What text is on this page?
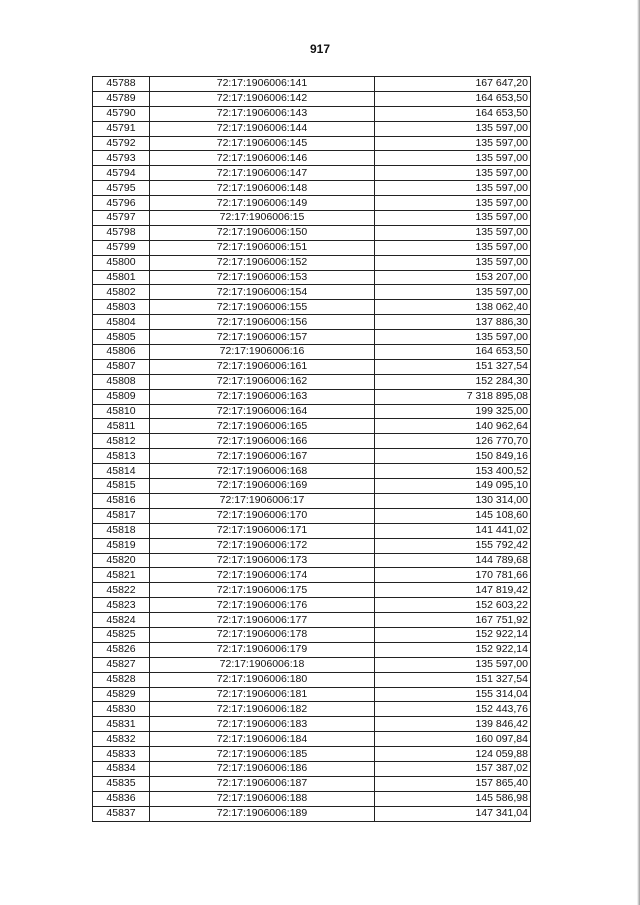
917
45788	72:17:1906006:141	167 647,20
45789	72:17:1906006:142	164 653,50
45790	72:17:1906006:143	164 653,50
45791	72:17:1906006:144	135 597,00
45792	72:17:1906006:145	135 597,00
45793	72:17:1906006:146	135 597,00
45794	72:17:1906006:147	135 597,00
45795	72:17:1906006:148	135 597,00
45796	72:17:1906006:149	135 597,00
45797	72:17:1906006:15	135 597,00
45798	72:17:1906006:150	135 597,00
45799	72:17:1906006:151	135 597,00
45800	72:17:1906006:152	135 597,00
45801	72:17:1906006:153	153 207,00
45802	72:17:1906006:154	135 597,00
45803	72:17:1906006:155	138 062,40
45804	72:17:1906006:156	137 886,30
45805	72:17:1906006:157	135 597,00
45806	72:17:1906006:16	164 653,50
45807	72:17:1906006:161	151 327,54
45808	72:17:1906006:162	152 284,30
45809	72:17:1906006:163	7 318 895,08
45810	72:17:1906006:164	199 325,00
45811	72:17:1906006:165	140 962,64
45812	72:17:1906006:166	126 770,70
45813	72:17:1906006:167	150 849,16
45814	72:17:1906006:168	153 400,52
45815	72:17:1906006:169	149 095,10
45816	72:17:1906006:17	130 314,00
45817	72:17:1906006:170	145 108,60
45818	72:17:1906006:171	141 441,02
45819	72:17:1906006:172	155 792,42
45820	72:17:1906006:173	144 789,68
45821	72:17:1906006:174	170 781,66
45822	72:17:1906006:175	147 819,42
45823	72:17:1906006:176	152 603,22
45824	72:17:1906006:177	167 751,92
45825	72:17:1906006:178	152 922,14
45826	72:17:1906006:179	152 922,14
45827	72:17:1906006:18	135 597,00
45828	72:17:1906006:180	151 327,54
45829	72:17:1906006:181	155 314,04
45830	72:17:1906006:182	152 443,76
45831	72:17:1906006:183	139 846,42
45832	72:17:1906006:184	160 097,84
45833	72:17:1906006:185	124 059,88
45834	72:17:1906006:186	157 387,02
45835	72:17:1906006:187	157 865,40
45836	72:17:1906006:188	145 586,98
45837	72:17:1906006:189	147 341,04
